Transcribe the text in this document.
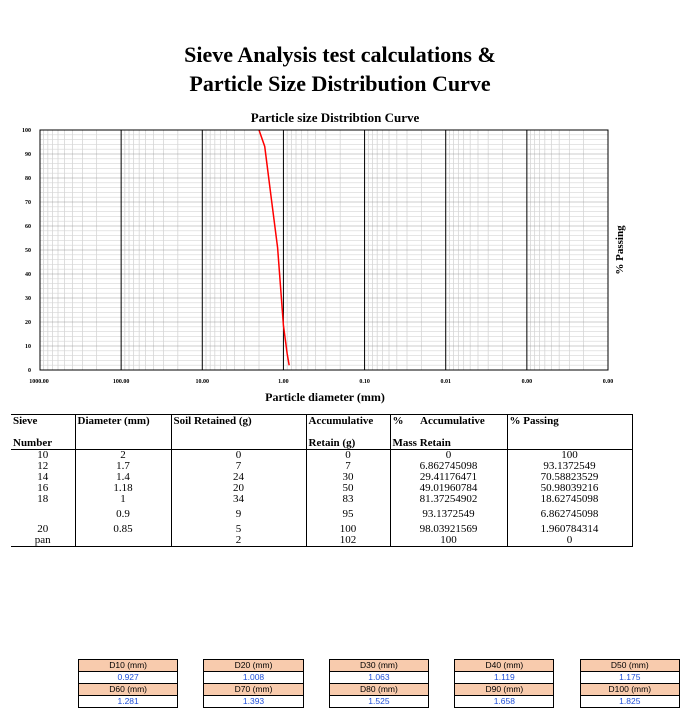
Sieve Analysis test calculations &
Particle Size Distribution Curve
Particle size Distribtion Curve
0
10
20
30
40
50
60
70
80
90
100
1000.00	100.00	10.00	1.00	0.10	0.01	0.00	0.00
Particle diameter (mm)
% Passing
Sieve	Diameter (mm)	Soil Retained (g)	Accumulative	% Accumulative	% Passing
Number			Retain (g)	Mass Retain	
10	2	0	0	0	100
12	1.7	7	7	6.862745098	93.1372549
14	1.4	24	30	29.41176471	70.58823529
16	1.18	20	50	49.01960784	50.98039216
18	1	34	83	81.37254902	18.62745098
	0.9	9	95	93.1372549	6.862745098
20	0.85	5	100	98.03921569	1.960784314
pan		2	102	100	0
D10 (mm)		D20 (mm)		D30 (mm)		D40 (mm)		D50 (mm)
0.927		1.008		1.063		1.119		1.175
D60 (mm)		D70 (mm)		D80 (mm)		D90 (mm)		D100 (mm)
1.281		1.393		1.525		1.658		1.825
